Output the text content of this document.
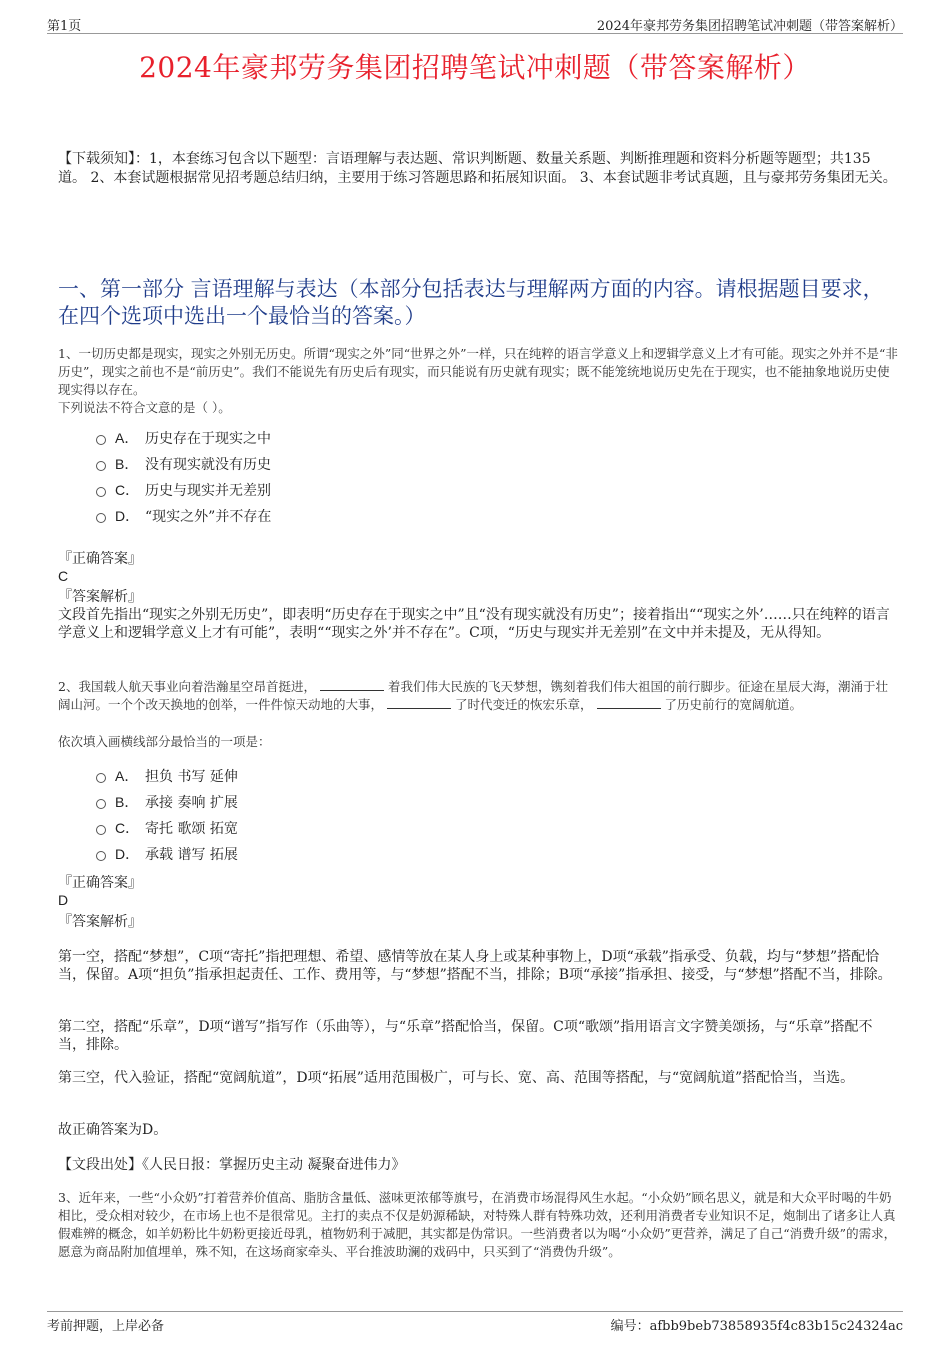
第1页	2024年豪邦劳务集团招聘笔试冲刺题（带答案解析）
2024年豪邦劳务集团招聘笔试冲刺题（带答案解析）
【下载须知】：1，本套练习包含以下题型：言语理解与表达题、常识判断题、数量关系题、判断推理题和资料分析题等题型；共135道。 2、本套试题根据常见招考题总结归纳，主要用于练习答题思路和拓展知识面。 3、本套试题非考试真题，且与豪邦劳务集团无关。
一、第一部分 言语理解与表达（本部分包括表达与理解两方面的内容。请根据题目要求，在四个选项中选出一个最恰当的答案。）
1、一切历史都是现实，现实之外别无历史。所谓“现实之外”同“世界之外”一样，只在纯粹的语言学意义上和逻辑学意义上才有可能。现实之外并不是“非历史”，现实之前也不是“前历史”。我们不能说先有历史后有现实，而只能说有历史就有现实；既不能笼统地说历史先在于现实，也不能抽象地说历史使现实得以存在。
下列说法不符合文意的是（ ）。
A． 历史存在于现实之中
B． 没有现实就没有历史
C． 历史与现实并无差别
D． “现实之外”并不存在
『正确答案』
C
『答案解析』
文段首先指出“现实之外别无历史”，即表明“历史存在于现实之中”且“没有现实就没有历史”；接着指出““现实之外’……只在纯粹的语言学意义上和逻辑学意义上才有可能”，表明““现实之外’并不存在”。C项，“历史与现实并无差别”在文中并未提及，无从得知。
2、我国载人航天事业向着浩瀚星空昂首挺进，	着我们伟大民族的飞天梦想，镌刻着我们伟大祖国的前行脚步。征途在星辰大海，潮涌于壮阔山河。一个个改天换地的创举，一件件惊天动地的大事，	了时代变迁的恢宏乐章，	了历史前行的宽阔航道。
依次填入画横线部分最恰当的一项是：
A． 担负 书写 延伸
B． 承接 奏响 扩展
C． 寄托 歌颂 拓宽
D． 承载 谱写 拓展
『正确答案』
D
『答案解析』
第一空，搭配“梦想”，C项“寄托”指把理想、希望、感情等放在某人身上或某种事物上，D项“承载”指承受、负载，均与“梦想”搭配恰当，保留。A项“担负”指承担起责任、工作、费用等，与“梦想”搭配不当，排除；B项“承接”指承担、接受，与“梦想”搭配不当，排除。
第二空，搭配“乐章”，D项“谱写”指写作（乐曲等），与“乐章”搭配恰当，保留。C项“歌颂”指用语言文字赞美颂扬，与“乐章”搭配不当，排除。
第三空，代入验证，搭配“宽阔航道”，D项“拓展”适用范围极广，可与长、宽、高、范围等搭配，与“宽阔航道”搭配恰当，当选。
故正确答案为D。
【文段出处】《人民日报：掌握历史主动 凝聚奋进伟力》
3、近年来，一些“小众奶”打着营养价值高、脂肪含量低、滋味更浓郁等旗号，在消费市场混得风生水起。“小众奶”顾名思义，就是和大众平时喝的牛奶相比，受众相对较少，在市场上也不是很常见。主打的卖点不仅是奶源稀缺，对特殊人群有特殊功效，还利用消费者专业知识不足，炮制出了诸多让人真假难辨的概念，如羊奶粉比牛奶粉更接近母乳，植物奶利于减肥，其实都是伪常识。一些消费者以为喝“小众奶”更营养，满足了自己“消费升级”的需求，愿意为商品附加值埋单，殊不知，在这场商家牵头、平台推波助澜的戏码中，只买到了“消费伪升级”。
考前押题，上岸必备	编号：afbb9beb73858935f4c83b15c24324ac
